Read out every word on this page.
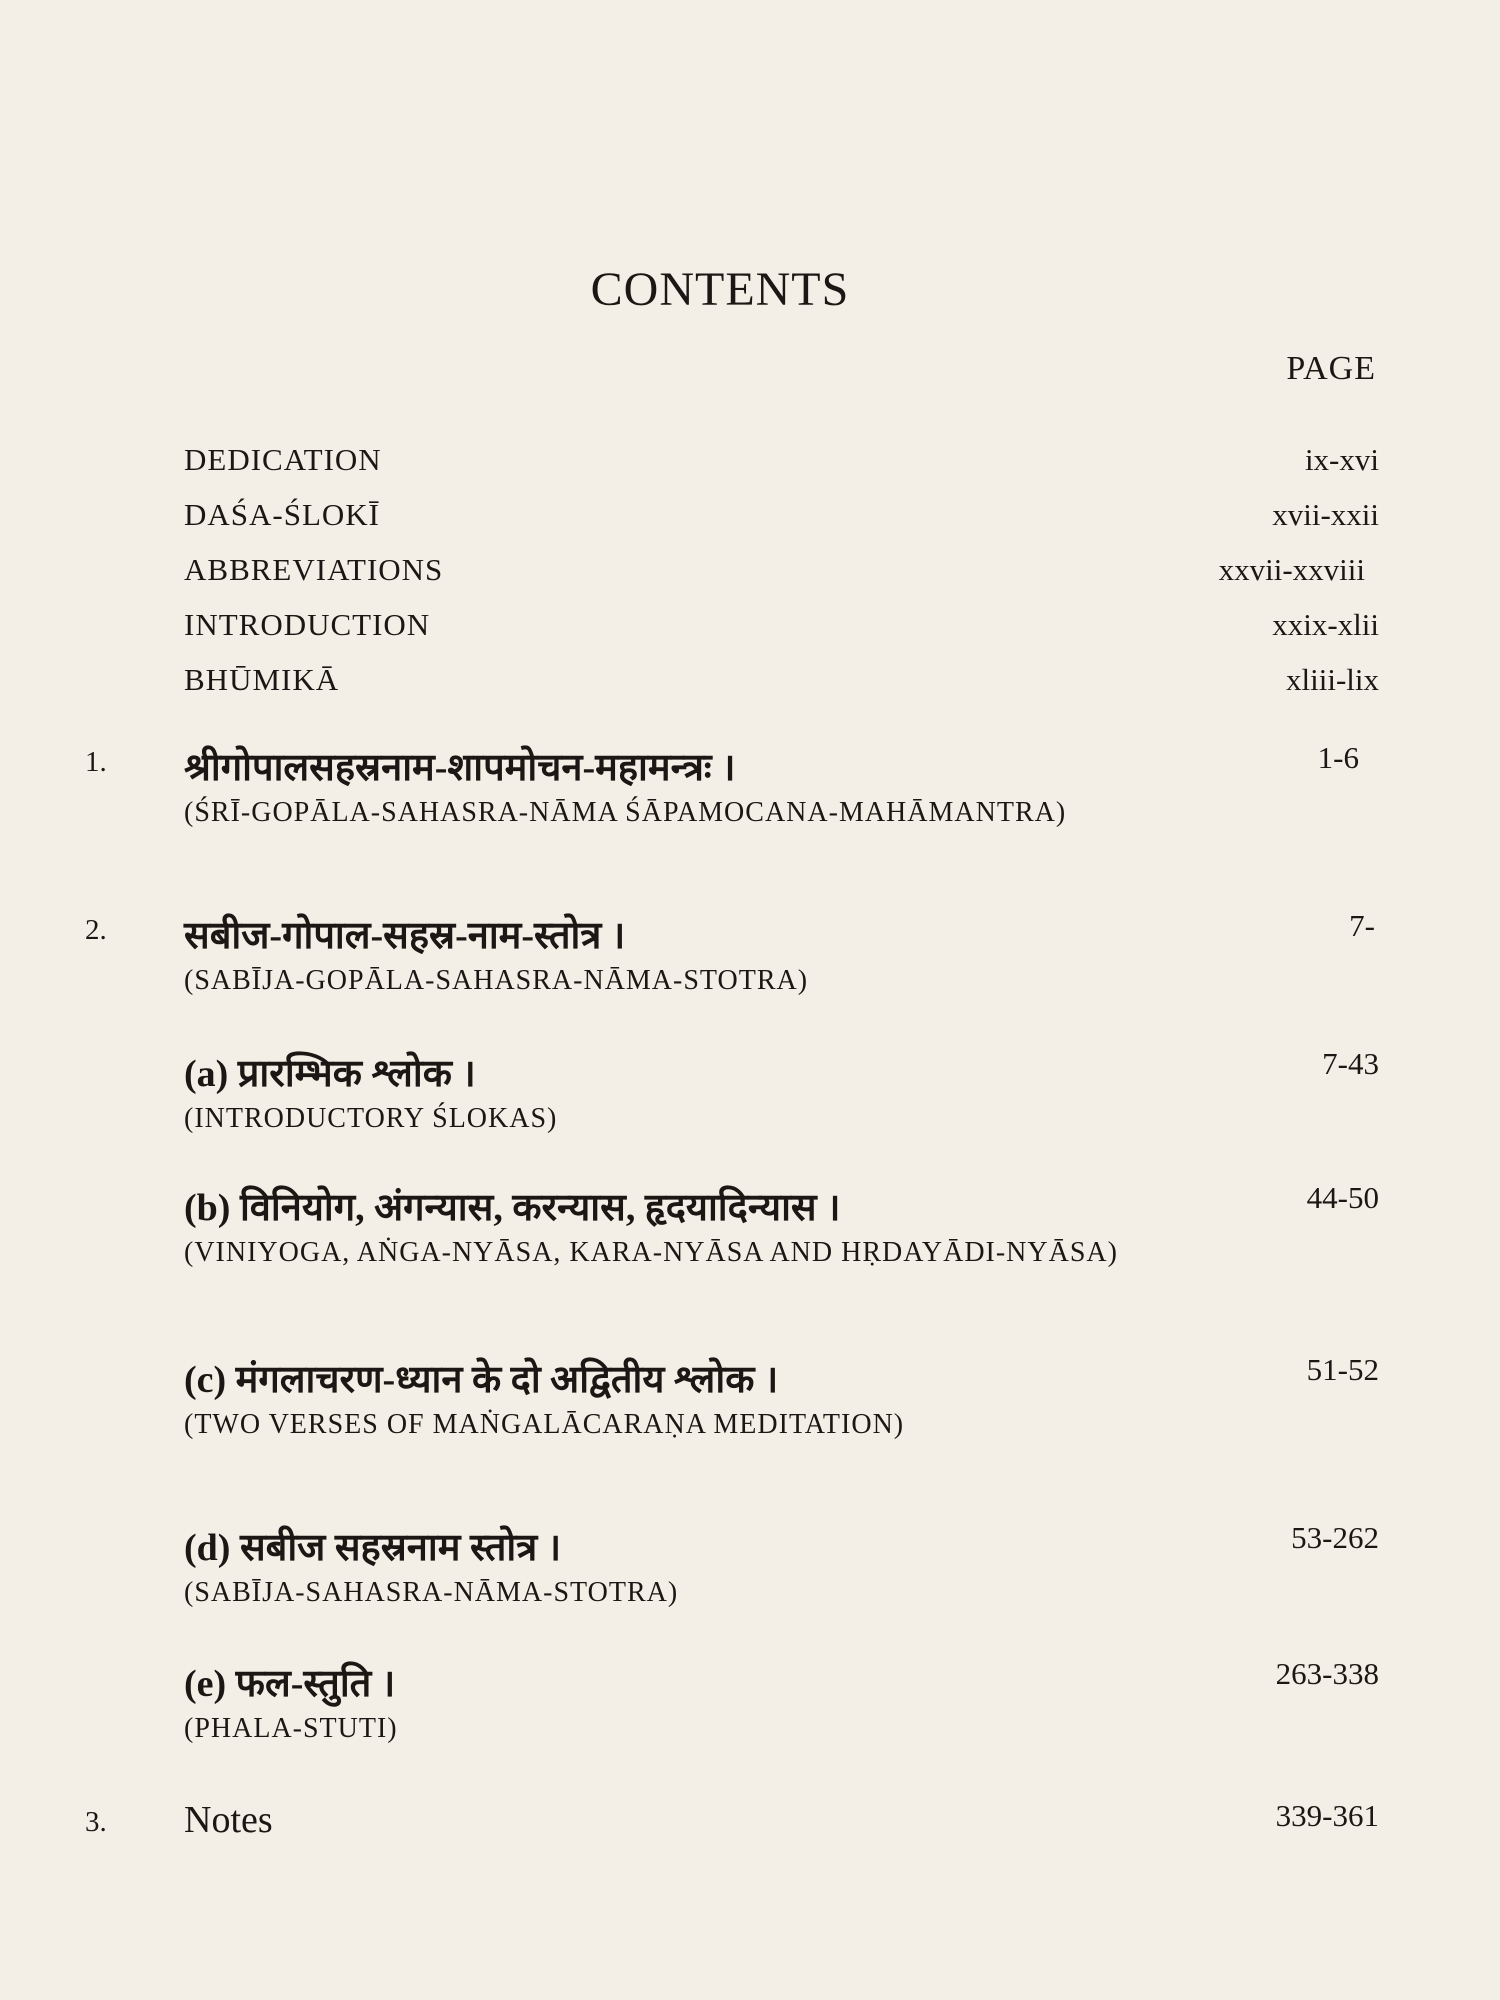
CONTENTS
PAGE
DEDICATION	ix-xvi
DAŚA-ŚLOKĪ	xvii-xxii
ABBREVIATIONS	xxvii-xxviii
INTRODUCTION	xxix-xlii
BHŪMIKĀ	xliii-lix
1. श्रीगोपालसहस्रनाम-शापमोचन-महामन्त्रः ।	1-6
(ŚRĪ-GOPĀLA-SAHASRA-NĀMA ŚĀPAMOCANA-MAHĀMANTRA)
2. सबीज-गोपाल-सहस्र-नाम-स्तोत्र ।	7-
(SABĪJA-GOPĀLA-SAHASRA-NĀMA-STOTRA)
(a) प्रारम्भिक श्लोक ।	7-43
(INTRODUCTORY ŚLOKAS)
(b) विनियोग, अंगन्यास, करन्यास, हृदयादिन्यास ।	44-50
(VINIYOGA, AṄGA-NYĀSA, KARA-NYĀSA AND HṚDAYĀDI-NYĀSA)
(c) मंगलाचरण-ध्यान के दो अद्वितीय श्लोक ।	51-52
(TWO VERSES OF MAṄGALĀCARAṆA MEDITATION)
(d) सबीज सहस्रनाम स्तोत्र ।	53-262
(SABĪJA-SAHASRA-NĀMA-STOTRA)
(e) फल-स्तुति ।	263-338
(PHALA-STUTI)
3. Notes	339-361
